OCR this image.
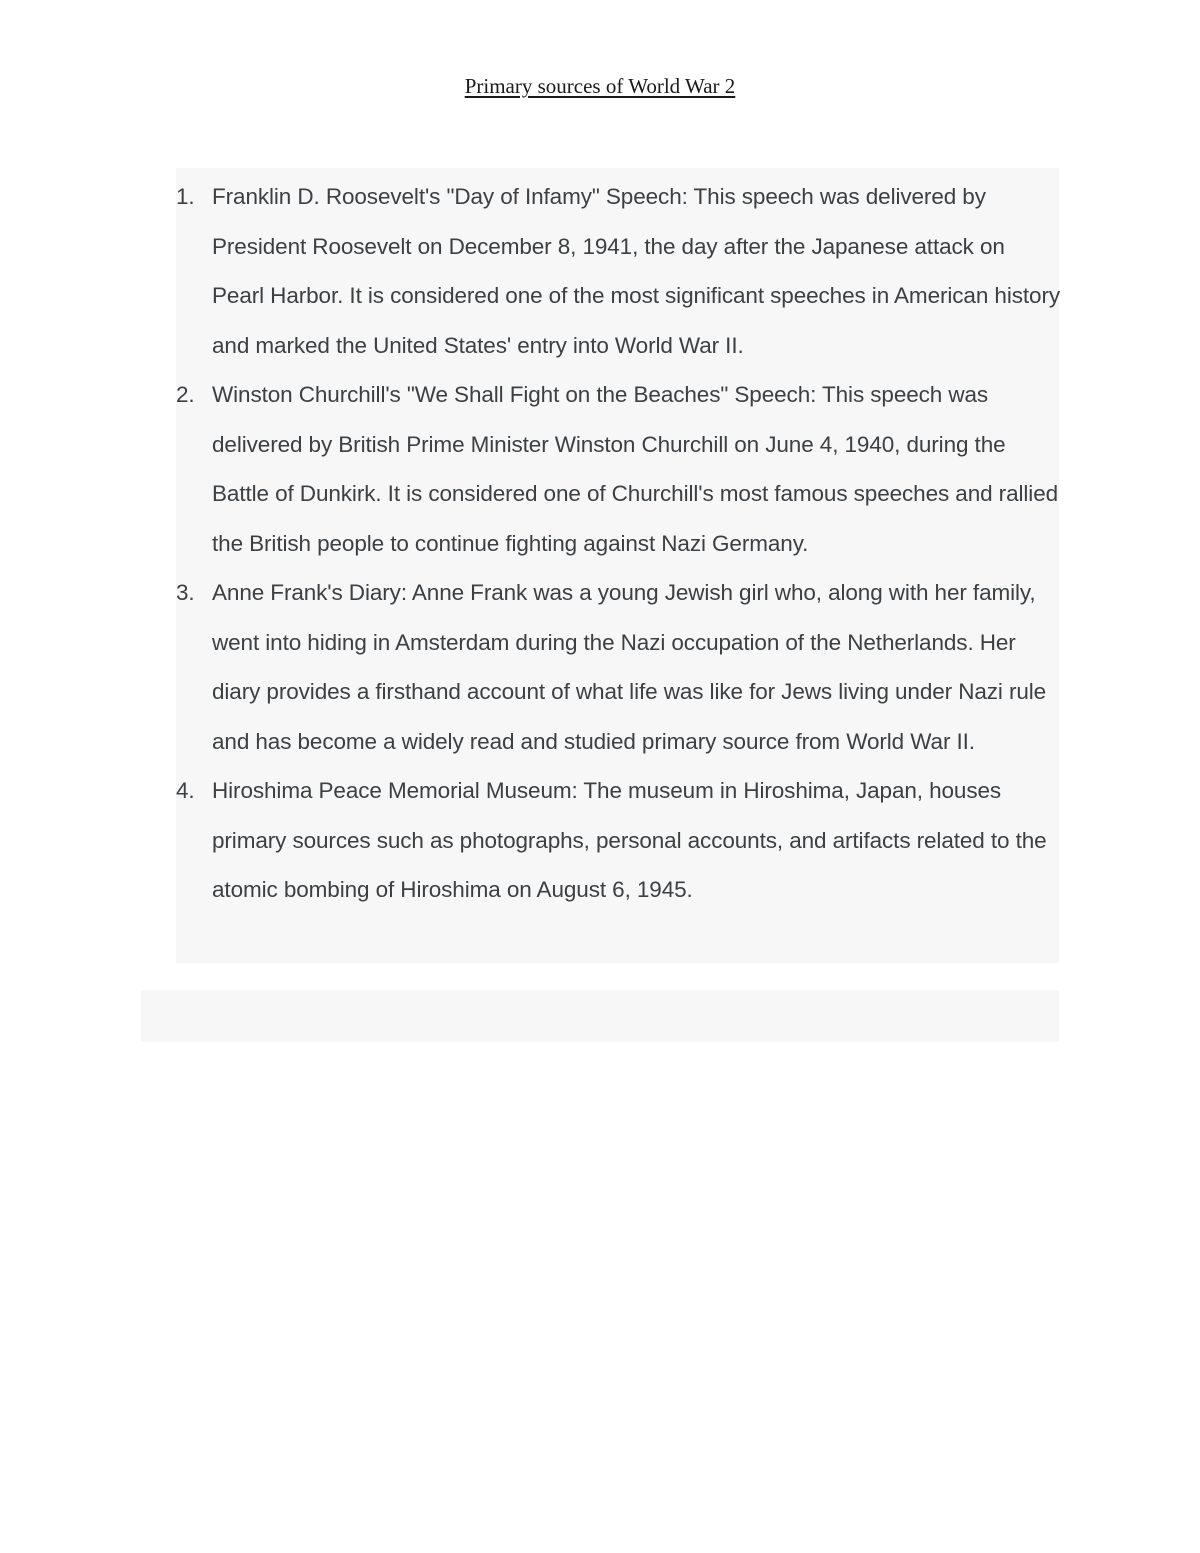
Primary sources of World War 2
1. Franklin D. Roosevelt's "Day of Infamy" Speech: This speech was delivered by President Roosevelt on December 8, 1941, the day after the Japanese attack on Pearl Harbor. It is considered one of the most significant speeches in American history and marked the United States' entry into World War II.
2. Winston Churchill's "We Shall Fight on the Beaches" Speech: This speech was delivered by British Prime Minister Winston Churchill on June 4, 1940, during the Battle of Dunkirk. It is considered one of Churchill's most famous speeches and rallied the British people to continue fighting against Nazi Germany.
3. Anne Frank's Diary: Anne Frank was a young Jewish girl who, along with her family, went into hiding in Amsterdam during the Nazi occupation of the Netherlands. Her diary provides a firsthand account of what life was like for Jews living under Nazi rule and has become a widely read and studied primary source from World War II.
4. Hiroshima Peace Memorial Museum: The museum in Hiroshima, Japan, houses primary sources such as photographs, personal accounts, and artifacts related to the atomic bombing of Hiroshima on August 6, 1945.
